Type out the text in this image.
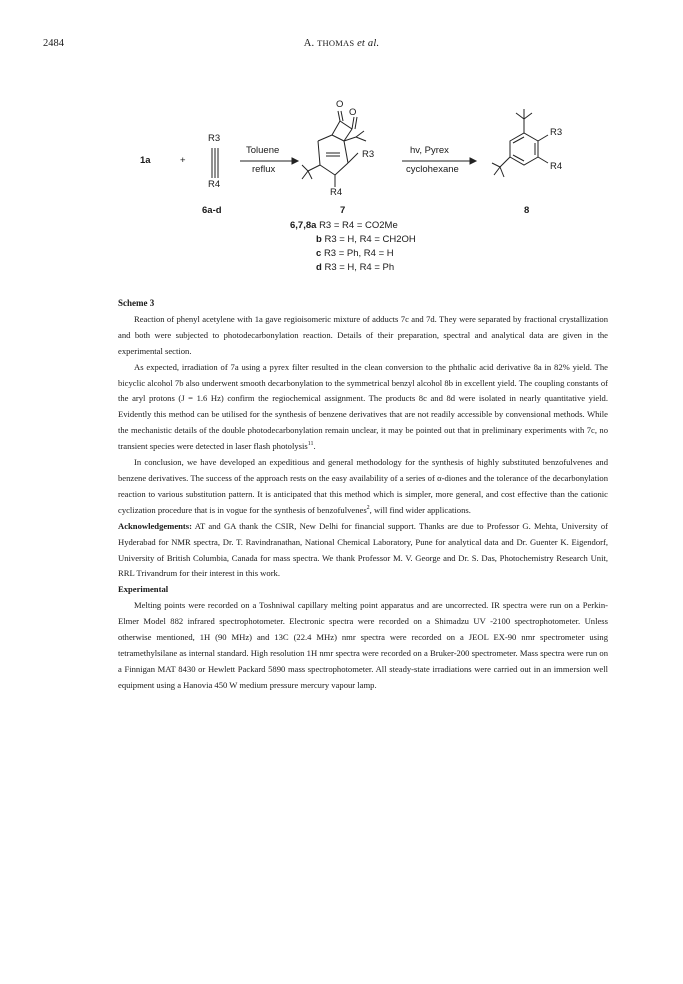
2484	A. THOMAS et al.
1a	+
R3
R4
6a-d
Toluene
reflux
O
O
R3
R4
7
hv, Pyrex
cyclohexane
R3
R4
8
6,7,8a R3 = R4 = CO2Me
b R3 = H, R4 = CH2OH
c R3 = Ph, R4 = H
d R3 = H, R4 = Ph

Scheme 3

Reaction of phenyl acetylene with 1a gave regioisomeric mixture of adducts 7c and 7d. They were separated by fractional crystallization and both were subjected to photodecarbonylation reaction. Details of their preparation, spectral and analytical data are given in the experimental section.

As expected, irradiation of 7a using a pyrex filter resulted in the clean conversion to the phthalic acid derivative 8a in 82% yield. The bicyclic alcohol 7b also underwent smooth decarbonylation to the symmetrical benzyl alcohol 8b in excellent yield. The coupling constants of the aryl protons (J = 1.6 Hz) confirm the regiochemical assignment. The products 8c and 8d were isolated in nearly quantitative yield. Evidently this method can be utilised for the synthesis of benzene derivatives that are not readily accessible by convensional methods. While the mechanistic details of the double photodecarbonylation remain unclear, it may be pointed out that in preliminary experiments with 7c, no transient species were detected in laser flash photolysis$^{11}$.

In conclusion, we have developed an expeditious and general methodology for the synthesis of highly substituted benzofulvenes and benzene derivatives. The success of the approach rests on the easy availability of a series of α-diones and the tolerance of the decarbonylation reaction to various substitution pattern. It is anticipated that this method which is simpler, more general, and cost effective than the cationic cyclization procedure that is in vogue for the synthesis of benzofulvenes$^2$, will find wider applications.

Acknowledgements: AT and GA thank the CSIR, New Delhi for financial support. Thanks are due to Professor G. Mehta, University of Hyderabad for NMR spectra, Dr. T. Ravindranathan, National Chemical Laboratory, Pune for analytical data and Dr. Guenter K. Eigendorf, University of British Columbia, Canada for mass spectra. We thank Professor M. V. George and Dr. S. Das, Photochemistry Research Unit, RRL Trivandrum for their interest in this work.

Experimental

Melting points were recorded on a Toshniwal capillary melting point apparatus and are uncorrected. IR spectra were run on a Perkin-Elmer Model 882 infrared spectrophotometer. Electronic spectra were recorded on a Shimadzu UV -2100 spectrophotometer. Unless otherwise mentioned, 1H (90 MHz) and 13C (22.4 MHz) nmr spectra were recorded on a JEOL EX-90 nmr spectrometer using tetramethylsilane as internal standard. High resolution 1H nmr spectra were recorded on a Bruker-200 spectrometer. Mass spectra were run on a Finnigan MAT 8430 or Hewlett Packard 5890 mass spectrophotometer. All steady-state irradiations were carried out in an immersion well equipment using a Hanovia 450 W medium pressure mercury vapour lamp.
